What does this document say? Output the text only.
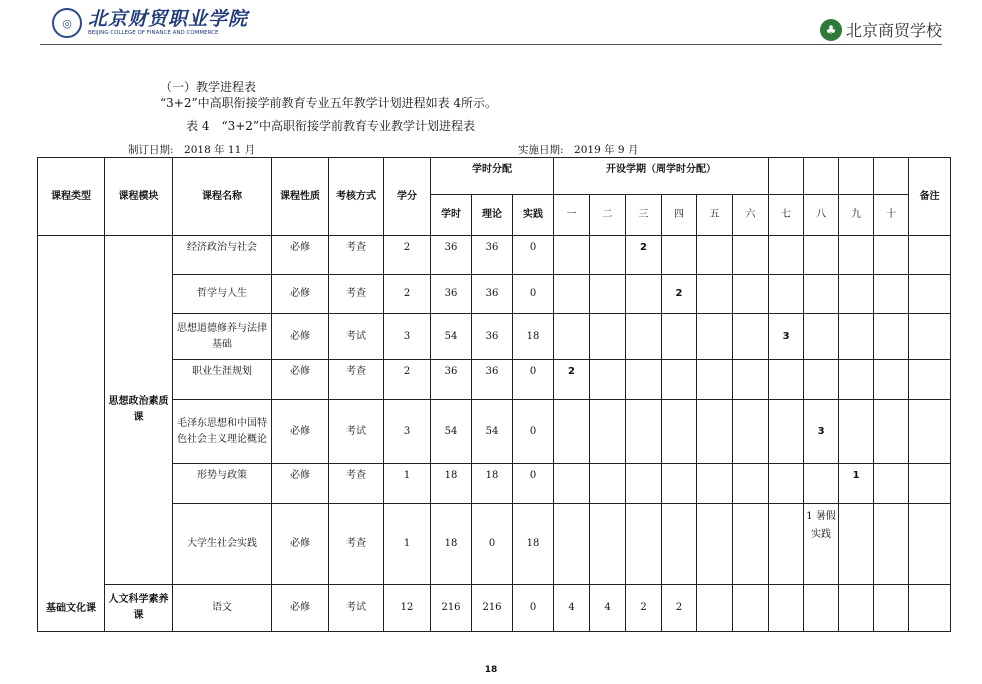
◎ 北京财贸职业学院
BEIJING COLLEGE OF FINANCE AND COMMERCE	♣ 北京商贸学校
（一）教学进程表
“3+2”中高职衔接学前教育专业五年教学计划进程如表 4所示。
表 4　“3+2”中高职衔接学前教育专业教学计划进程表
制订日期:　2018 年 11 月	实施日期:　2019 年 9 月
课程类型	课程模块	课程名称	课程性质	考核方式	学分	学时分配			开设学期（周学时分配）										备注
						学时	理论	实践	一	二	三	四	五	六	七	八	九	十	
基础文化课	思想政治素质课	经济政治与社会	必修	考查	2	36	36	0			2								
		哲学与人生	必修	考查	2	36	36	0				2							
		思想道德修养与法律基础	必修	考试	3	54	36	18							3				
		职业生涯规划	必修	考查	2	36	36	0	2										
		毛泽东思想和中国特色社会主义理论概论	必修	考试	3	54	54	0								3			
		形势与政策	必修	考查	1	18	18	0									1		
		大学生社会实践	必修	考查	1	18	0	18								1 暑假实践			
	人文科学素养课	语文	必修	考试	12	216	216	0	4	4	2	2							
18
